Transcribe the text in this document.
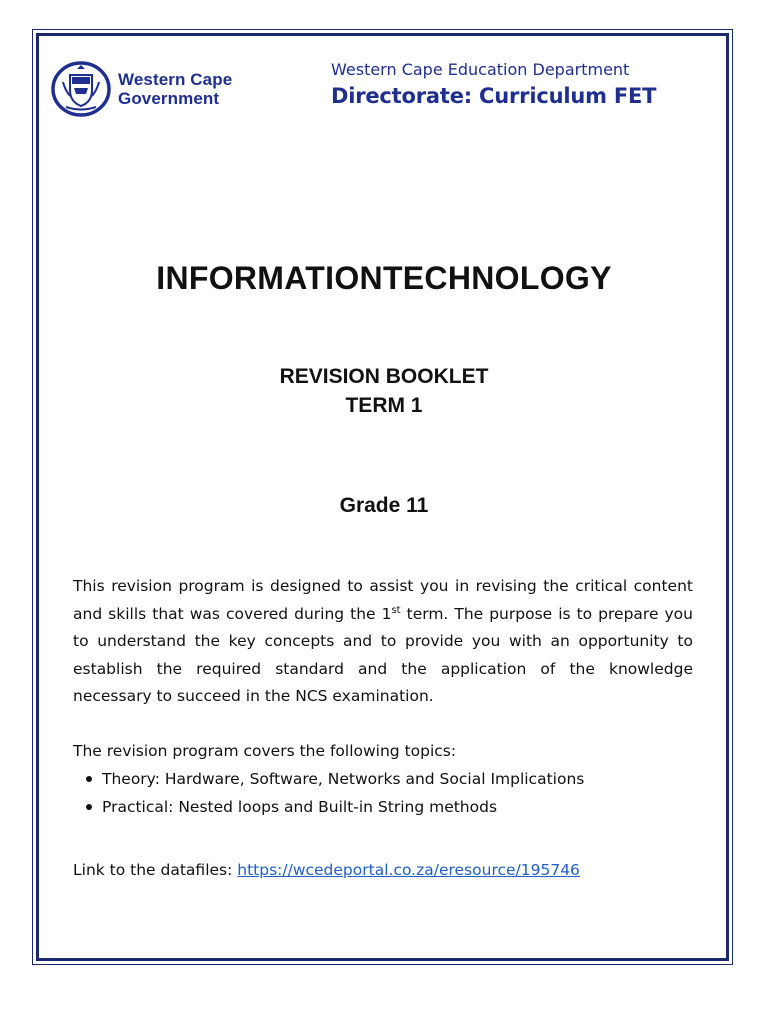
Western Cape
Government
Western Cape Education Department
Directorate: Curriculum FET
INFORMATIONTECHNOLOGY
REVISION BOOKLET
TERM 1
Grade 11
This revision program is designed to assist you in revising the critical content and skills that was covered during the 1st term. The purpose is to prepare you to understand the key concepts and to provide you with an opportunity to establish the required standard and the application of the knowledge necessary to succeed in the NCS examination.
The revision program covers the following topics:
Theory: Hardware, Software, Networks and Social Implications
Practical: Nested loops and Built-in String methods
Link to the datafiles: https://wcedeportal.co.za/eresource/195746
